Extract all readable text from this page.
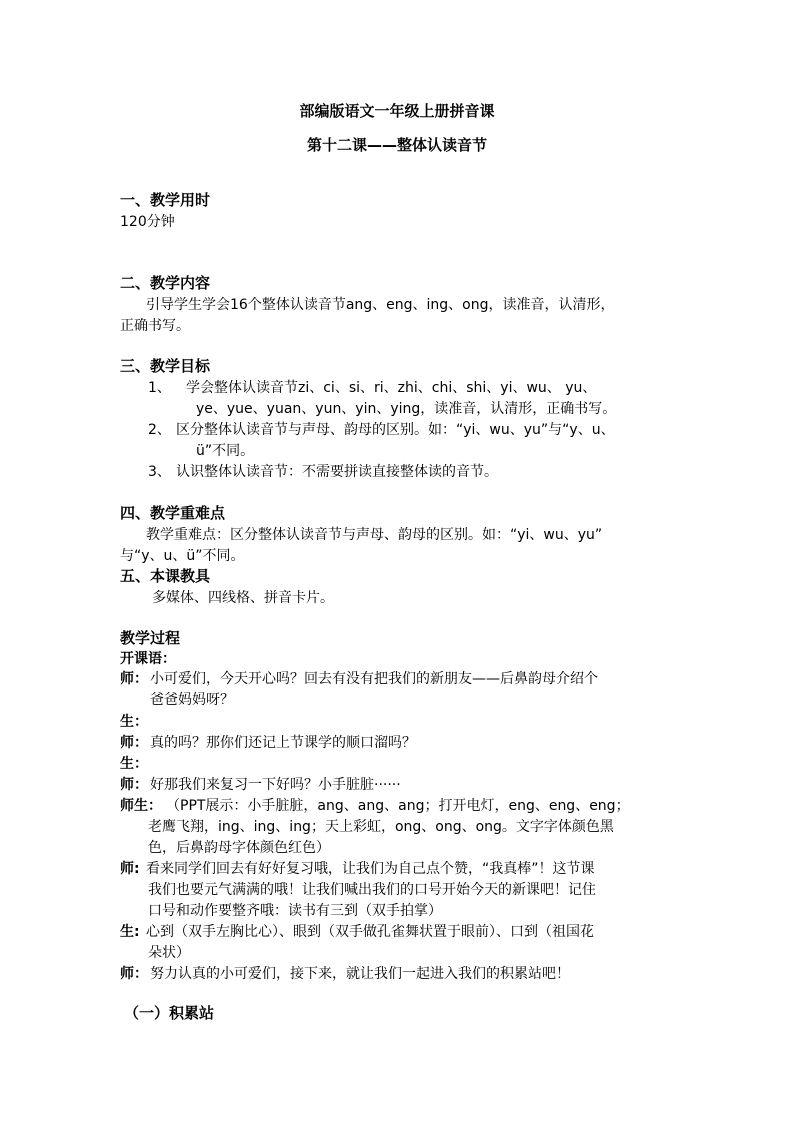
部编版语文一年级上册拼音课
第十二课——整体认读音节
一、教学用时
120分钟
二、教学内容
引导学生学会16个整体认读音节ang、eng、ing、ong，读准音，认清形，
正确书写。
三、教学目标
1、 学会整体认读音节zi、ci、si、ri、zhi、chi、shi、yi、wu、 yu、
ye、yue、yuan、yun、yin、ying，读准音，认清形，正确书写。
2、 区分整体认读音节与声母、韵母的区别。如：“yi、wu、yu”与“y、u、
ü”不同。
3、 认识整体认读音节：不需要拼读直接整体读的音节。
四、教学重难点
教学重难点：区分整体认读音节与声母、韵母的区别。如：“yi、wu、yu”
与“y、u、ü”不同。
五、本课教具
多媒体、四线格、拼音卡片。
教学过程
开课语：
师： 小可爱们，今天开心吗？回去有没有把我们的新朋友——后鼻韵母介绍个
爸爸妈妈呀？
生：
师： 真的吗？那你们还记上节课学的顺口溜吗？
生：
师： 好那我们来复习一下好吗？小手脏脏······
师生： （PPT展示：小手脏脏，ang、ang、ang；打开电灯，eng、eng、eng；
老鹰飞翔，ing、ing、ing；天上彩虹，ong、ong、ong。文字字体颜色黑
色，后鼻韵母字体颜色红色）
师: 看来同学们回去有好好复习哦，让我们为自己点个赞，“我真棒”！这节课
我们也要元气满满的哦！让我们喊出我们的口号开始今天的新课吧！记住
口号和动作要整齐哦：读书有三到（双手拍掌）
生: 心到（双手左胸比心）、眼到（双手做孔雀舞状置于眼前）、口到（祖国花
朵状）
师： 努力认真的小可爱们，接下来，就让我们一起进入我们的积累站吧！
（一）积累站
